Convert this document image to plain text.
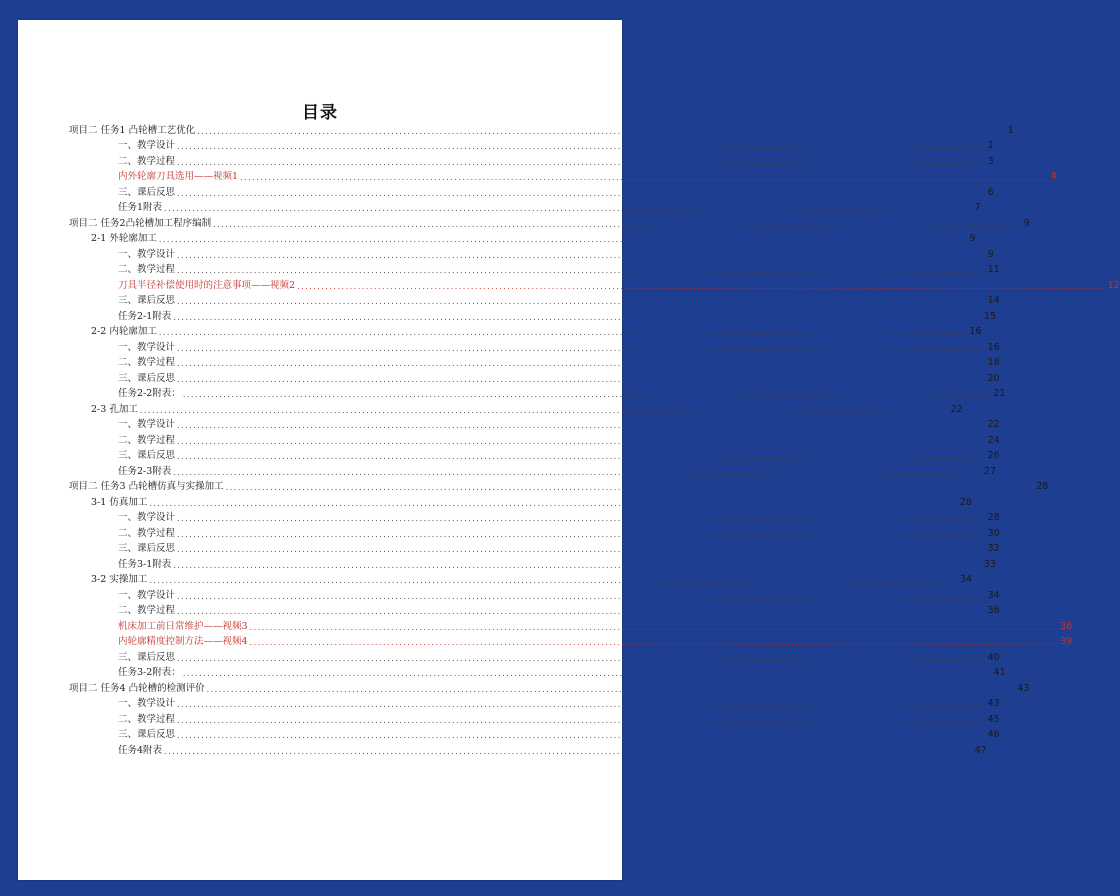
目录
项目二 任务1 凸轮槽工艺优化 ........................................................................................................................................................................................................ 1
一、教学设计 ........................................................................................................................................................................................................ 1
二、教学过程 ........................................................................................................................................................................................................ 3
内外轮廓刀具选用——视频1 ........................................................................................................................................................................................................ 4
三、课后反思 ........................................................................................................................................................................................................ 6
任务1附表 ........................................................................................................................................................................................................ 7
项目二 任务2凸轮槽加工程序编制 ........................................................................................................................................................................................................ 9
2-1 外轮廓加工 ........................................................................................................................................................................................................ 9
一、教学设计 ........................................................................................................................................................................................................ 9
二、教学过程 ........................................................................................................................................................................................................ 11
刀具半径补偿使用时的注意事项——视频2 ........................................................................................................................................................................................................ 12
三、课后反思 ........................................................................................................................................................................................................ 14
任务2-1附表 ........................................................................................................................................................................................................ 15
2-2 内轮廓加工 ........................................................................................................................................................................................................ 16
一、教学设计 ........................................................................................................................................................................................................ 16
二、教学过程 ........................................................................................................................................................................................................ 18
三、课后反思 ........................................................................................................................................................................................................ 20
任务2-2附表： ........................................................................................................................................................................................................ 21
2-3 孔加工 ........................................................................................................................................................................................................ 22
一、教学设计 ........................................................................................................................................................................................................ 22
二、教学过程 ........................................................................................................................................................................................................ 24
三、课后反思 ........................................................................................................................................................................................................ 26
任务2-3附表 ........................................................................................................................................................................................................ 27
项目二 任务3 凸轮槽仿真与实操加工 ........................................................................................................................................................................................................ 28
3-1 仿真加工 ........................................................................................................................................................................................................ 28
一、教学设计 ........................................................................................................................................................................................................ 28
二、教学过程 ........................................................................................................................................................................................................ 30
三、课后反思 ........................................................................................................................................................................................................ 32
任务3-1附表 ........................................................................................................................................................................................................ 33
3-2 实操加工 ........................................................................................................................................................................................................ 34
一、教学设计 ........................................................................................................................................................................................................ 34
二、教学过程 ........................................................................................................................................................................................................ 36
机床加工前日常维护——视频3 ........................................................................................................................................................................................................ 36
内轮廓精度控制方法——视频4 ........................................................................................................................................................................................................ 39
三、课后反思 ........................................................................................................................................................................................................ 40
任务3-2附表： ........................................................................................................................................................................................................ 41
项目二 任务4 凸轮槽的检测评价 ........................................................................................................................................................................................................ 43
一、教学设计 ........................................................................................................................................................................................................ 43
二、教学过程 ........................................................................................................................................................................................................ 45
三、课后反思 ........................................................................................................................................................................................................ 46
任务4附表 ........................................................................................................................................................................................................ 47
